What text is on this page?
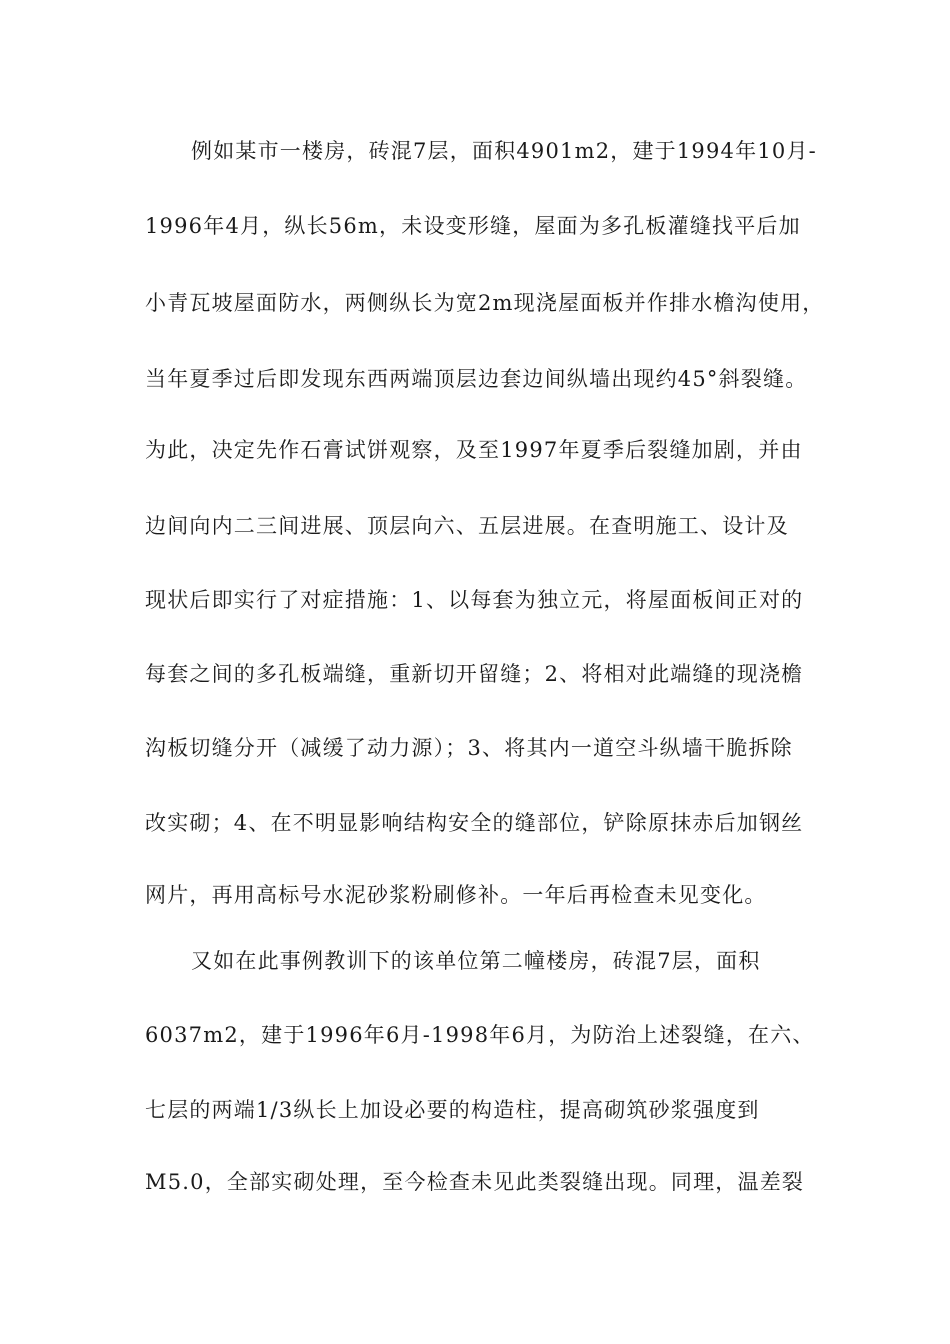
例如某市一楼房，砖混7层，面积4901m2，建于1994年10月-
1996年4月，纵长56m，未设变形缝，屋面为多孔板灌缝找平后加
小青瓦坡屋面防水，两侧纵长为宽2m现浇屋面板并作排水檐沟使用，
当年夏季过后即发现东西两端顶层边套边间纵墙出现约45°斜裂缝。
为此，决定先作石膏试饼观察，及至1997年夏季后裂缝加剧，并由
边间向内二三间进展、顶层向六、五层进展。在查明施工、设计及
现状后即实行了对症措施：1、以每套为独立元，将屋面板间正对的
每套之间的多孔板端缝，重新切开留缝；2、将相对此端缝的现浇檐
沟板切缝分开（减缓了动力源）；3、将其内一道空斗纵墙干脆拆除
改实砌；4、在不明显影响结构安全的缝部位，铲除原抹赤后加钢丝
网片，再用高标号水泥砂浆粉刷修补。一年后再检查未见变化。
又如在此事例教训下的该单位第二幢楼房，砖混7层，面积
6037m2，建于1996年6月-1998年6月，为防治上述裂缝，在六、
七层的两端1/3纵长上加设必要的构造柱，提高砌筑砂浆强度到
M5.0，全部实砌处理，至今检查未见此类裂缝出现。同理，温差裂
